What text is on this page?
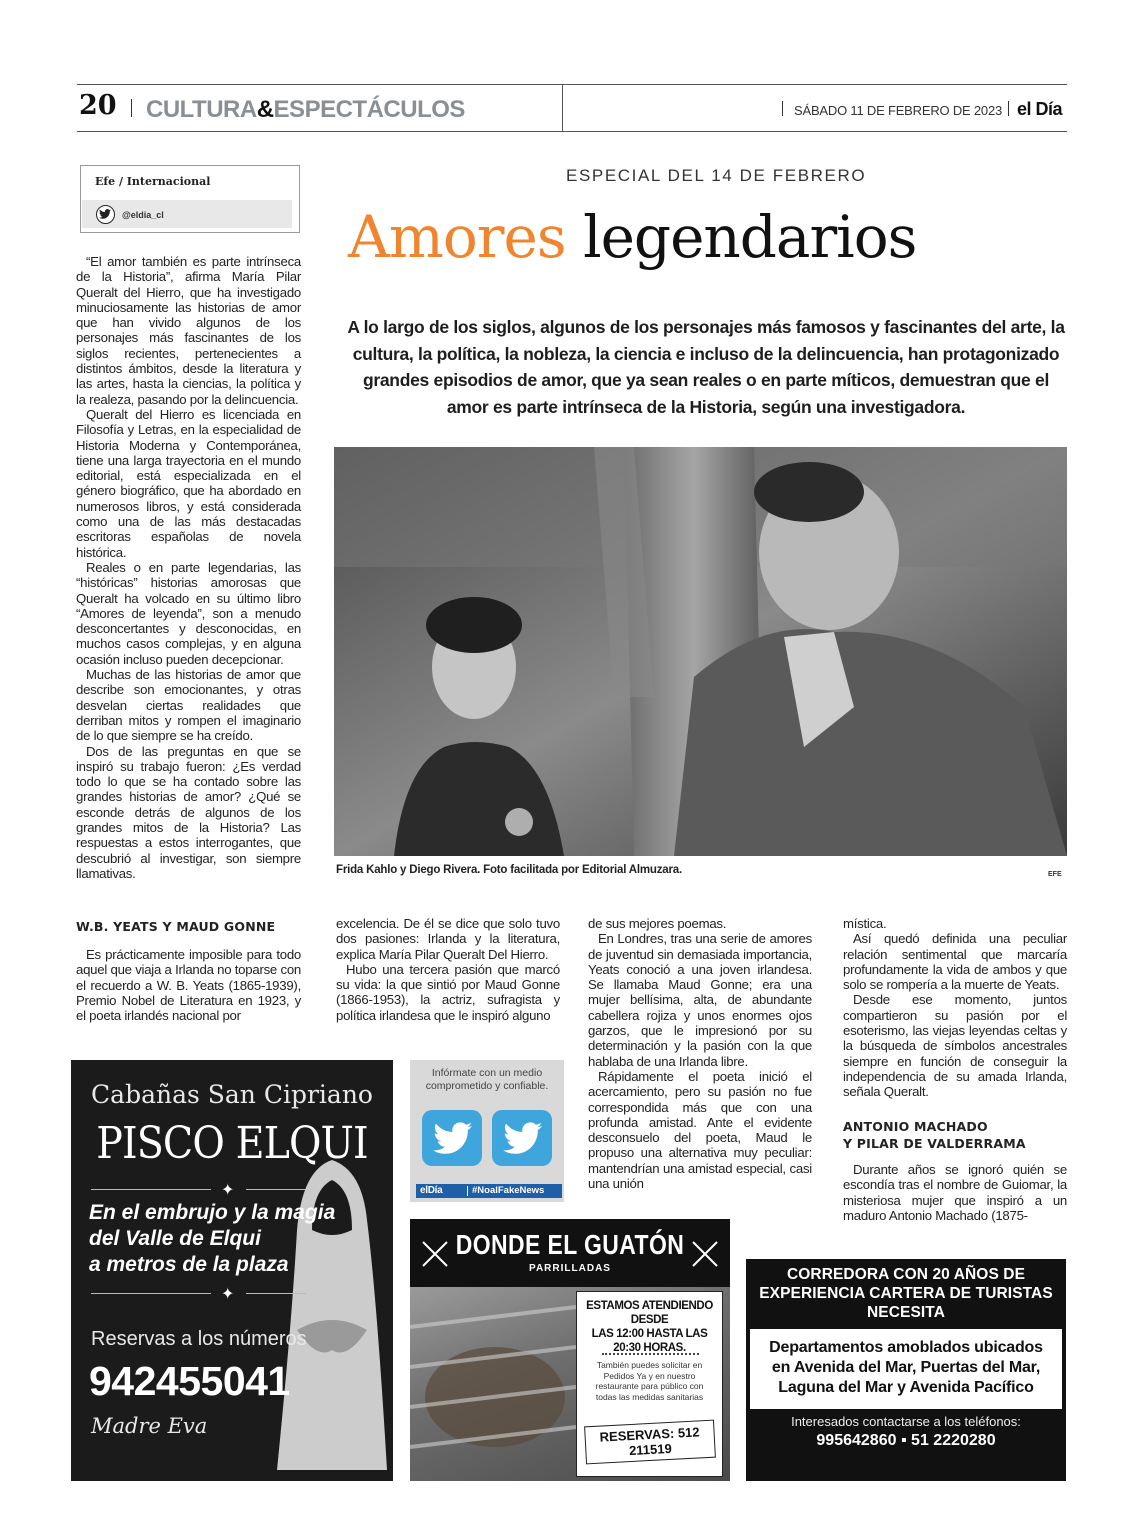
20 CULTURA&ESPECTÁCULOS	SÁBADO 11 DE FEBRERO DE 2023 el Día
Efe / Internacional
@eldia_cl

“El amor también es parte intrínseca de la Historia”, afirma María Pilar Queralt del Hierro, que ha investigado minuciosamente las historias de amor que han vivido algunos de los personajes más fascinantes de los siglos recientes, pertenecientes a distintos ámbitos, desde la literatura y las artes, hasta la ciencias, la política y la realeza, pasando por la delincuencia.

Queralt del Hierro es licenciada en Filosofía y Letras, en la especialidad de Historia Moderna y Contemporánea, tiene una larga trayectoria en el mundo editorial, está especializada en el género biográfico, que ha abordado en numerosos libros, y está considerada como una de las más destacadas escritoras españolas de novela histórica.

Reales o en parte legendarias, las “históricas” historias amorosas que Queralt ha volcado en su último libro “Amores de leyenda”, son a menudo desconcertantes y desconocidas, en muchos casos complejas, y en alguna ocasión incluso pueden decepcionar.

Muchas de las historias de amor que describe son emocionantes, y otras desvelan ciertas realidades que derriban mitos y rompen el imaginario de lo que siempre se ha creído.

Dos de las preguntas en que se inspiró su trabajo fueron: ¿Es verdad todo lo que se ha contado sobre las grandes historias de amor? ¿Qué se esconde detrás de algunos de los grandes mitos de la Historia? Las respuestas a estos interrogantes, que descubrió al investigar, son siempre llamativas.

W.B. YEATS Y MAUD GONNE

Es prácticamente imposible para todo aquel que viaja a Irlanda no toparse con el recuerdo a W. B. Yeats (1865-1939), Premio Nobel de Literatura en 1923, y el poeta irlandés nacional por

ESPECIAL DEL 14 DE FEBRERO
Amores legendarios
A lo largo de los siglos, algunos de los personajes más famosos y fascinantes del arte, la cultura, la política, la nobleza, la ciencia e incluso de la delincuencia, han protagonizado grandes episodios de amor, que ya sean reales o en parte míticos, demuestran que el amor es parte intrínseca de la Historia, según una investigadora.
Frida Kahlo y Diego Rivera. Foto facilitada por Editorial Almuzara.	EFE
excelencia. De él se dice que solo tuvo dos pasiones: Irlanda y la literatura, explica María Pilar Queralt Del Hierro.

Hubo una tercera pasión que marcó su vida: la que sintió por Maud Gonne (1866-1953), la actriz, sufragista y política irlandesa que le inspiró alguno

de sus mejores poemas.

En Londres, tras una serie de amores de juventud sin demasiada importancia, Yeats conoció a una joven irlandesa. Se llamaba Maud Gonne; era una mujer bellísima, alta, de abundante cabellera rojiza y unos enormes ojos garzos, que le impresionó por su determinación y la pasión con la que hablaba de una Irlanda libre.

Rápidamente el poeta inició el acercamiento, pero su pasión no fue correspondida más que con una profunda amistad. Ante el evidente desconsuelo del poeta, Maud le propuso una alternativa muy peculiar: mantendrían una amistad especial, casi una unión

mística.

Así quedó definida una peculiar relación sentimental que marcaría profundamente la vida de ambos y que solo se rompería a la muerte de Yeats.

Desde ese momento, juntos compartieron su pasión por el esoterismo, las viejas leyendas celtas y la búsqueda de símbolos ancestrales siempre en función de conseguir la independencia de su amada Irlanda, señala Queralt.

ANTONIO MACHADO
Y PILAR DE VALDERRAMA

Durante años se ignoró quién se escondía tras el nombre de Guiomar, la misteriosa mujer que inspiró a un maduro Antonio Machado (1875-

Cabañas San Cipriano
PISCO ELQUI
✦
En el embrujo y la magia
del Valle de Elqui
a metros de la plaza
✦
Reservas a los números
942455041
Madre Eva
Infórmate con un medio
comprometido y confiable.
elDía	#NoalFakeNews
DONDE EL GUATÓN
PARRILLADAS
ESTAMOS ATENDIENDO DESDE
LAS 12:00 HASTA LAS
20:30 HORAS.
También puedes solicitar en
Pedidos Ya y en nuestro
restaurante para público con
todas las medidas sanitarias
RESERVAS: 512 211519
CORREDORA CON 20 AÑOS DE
EXPERIENCIA CARTERA DE TURISTAS
NECESITA
Departamentos amoblados ubicados
en Avenida del Mar, Puertas del Mar,
Laguna del Mar y Avenida Pacífico
Interesados contactarse a los teléfonos:
995642860 ▪ 51 2220280
